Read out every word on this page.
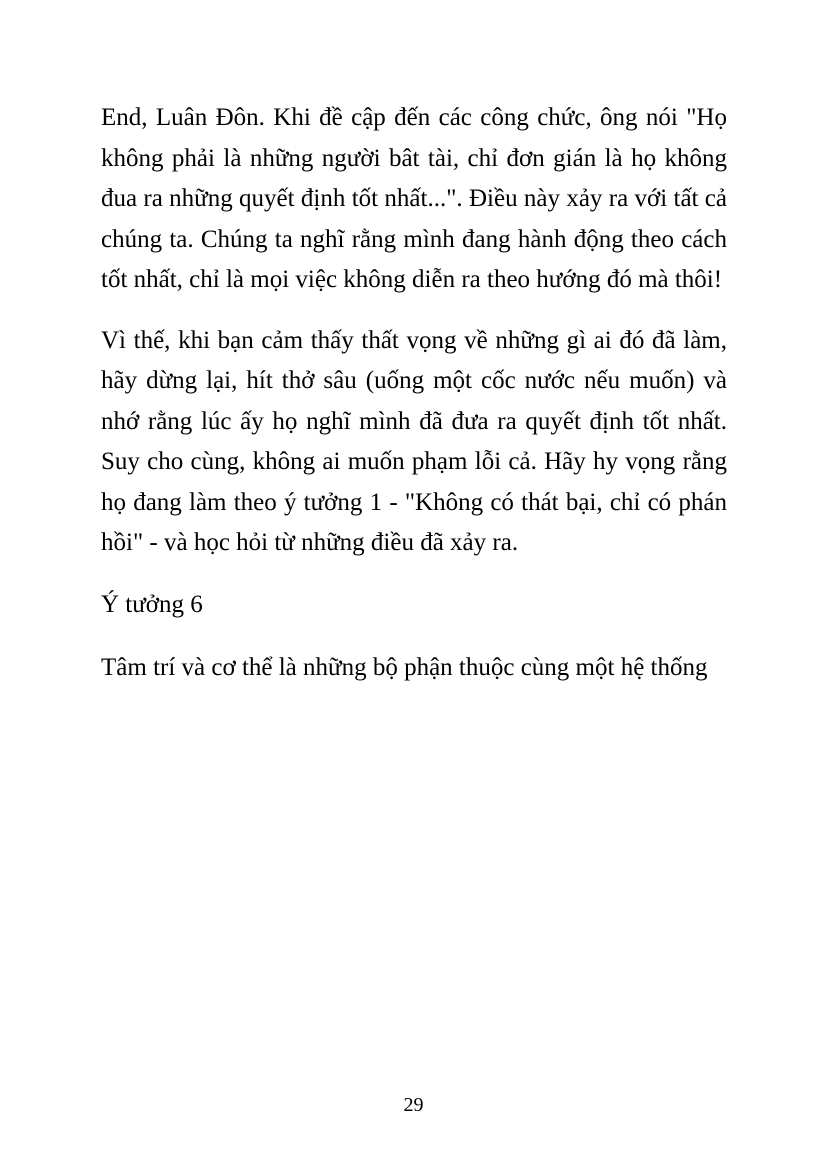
End, Luân Đôn. Khi đề cập đến các công chức, ông nói "Họ không phải là những người bât tài, chỉ đơn gián là họ không đua ra những quyết định tốt nhất...". Điều này xảy ra với tất cả chúng ta. Chúng ta nghĩ rằng mình đang hành động theo cách tốt nhất, chỉ là mọi việc không diễn ra theo hướng đó mà thôi!

Vì thế, khi bạn cảm thấy thất vọng về những gì ai đó đã làm, hãy dừng lại, hít thở sâu (uống một cốc nước nếu muốn) và nhớ rằng lúc ấy họ nghĩ mình đã đưa ra quyết định tốt nhất. Suy cho cùng, không ai muốn phạm lỗi cả. Hãy hy vọng rằng họ đang làm theo ý tưởng 1 - "Không có thát bại, chỉ có phán hồi" - và học hỏi từ những điều đã xảy ra.

Ý tưởng 6

Tâm trí và cơ thể là những bộ phận thuộc cùng một hệ thống

29
